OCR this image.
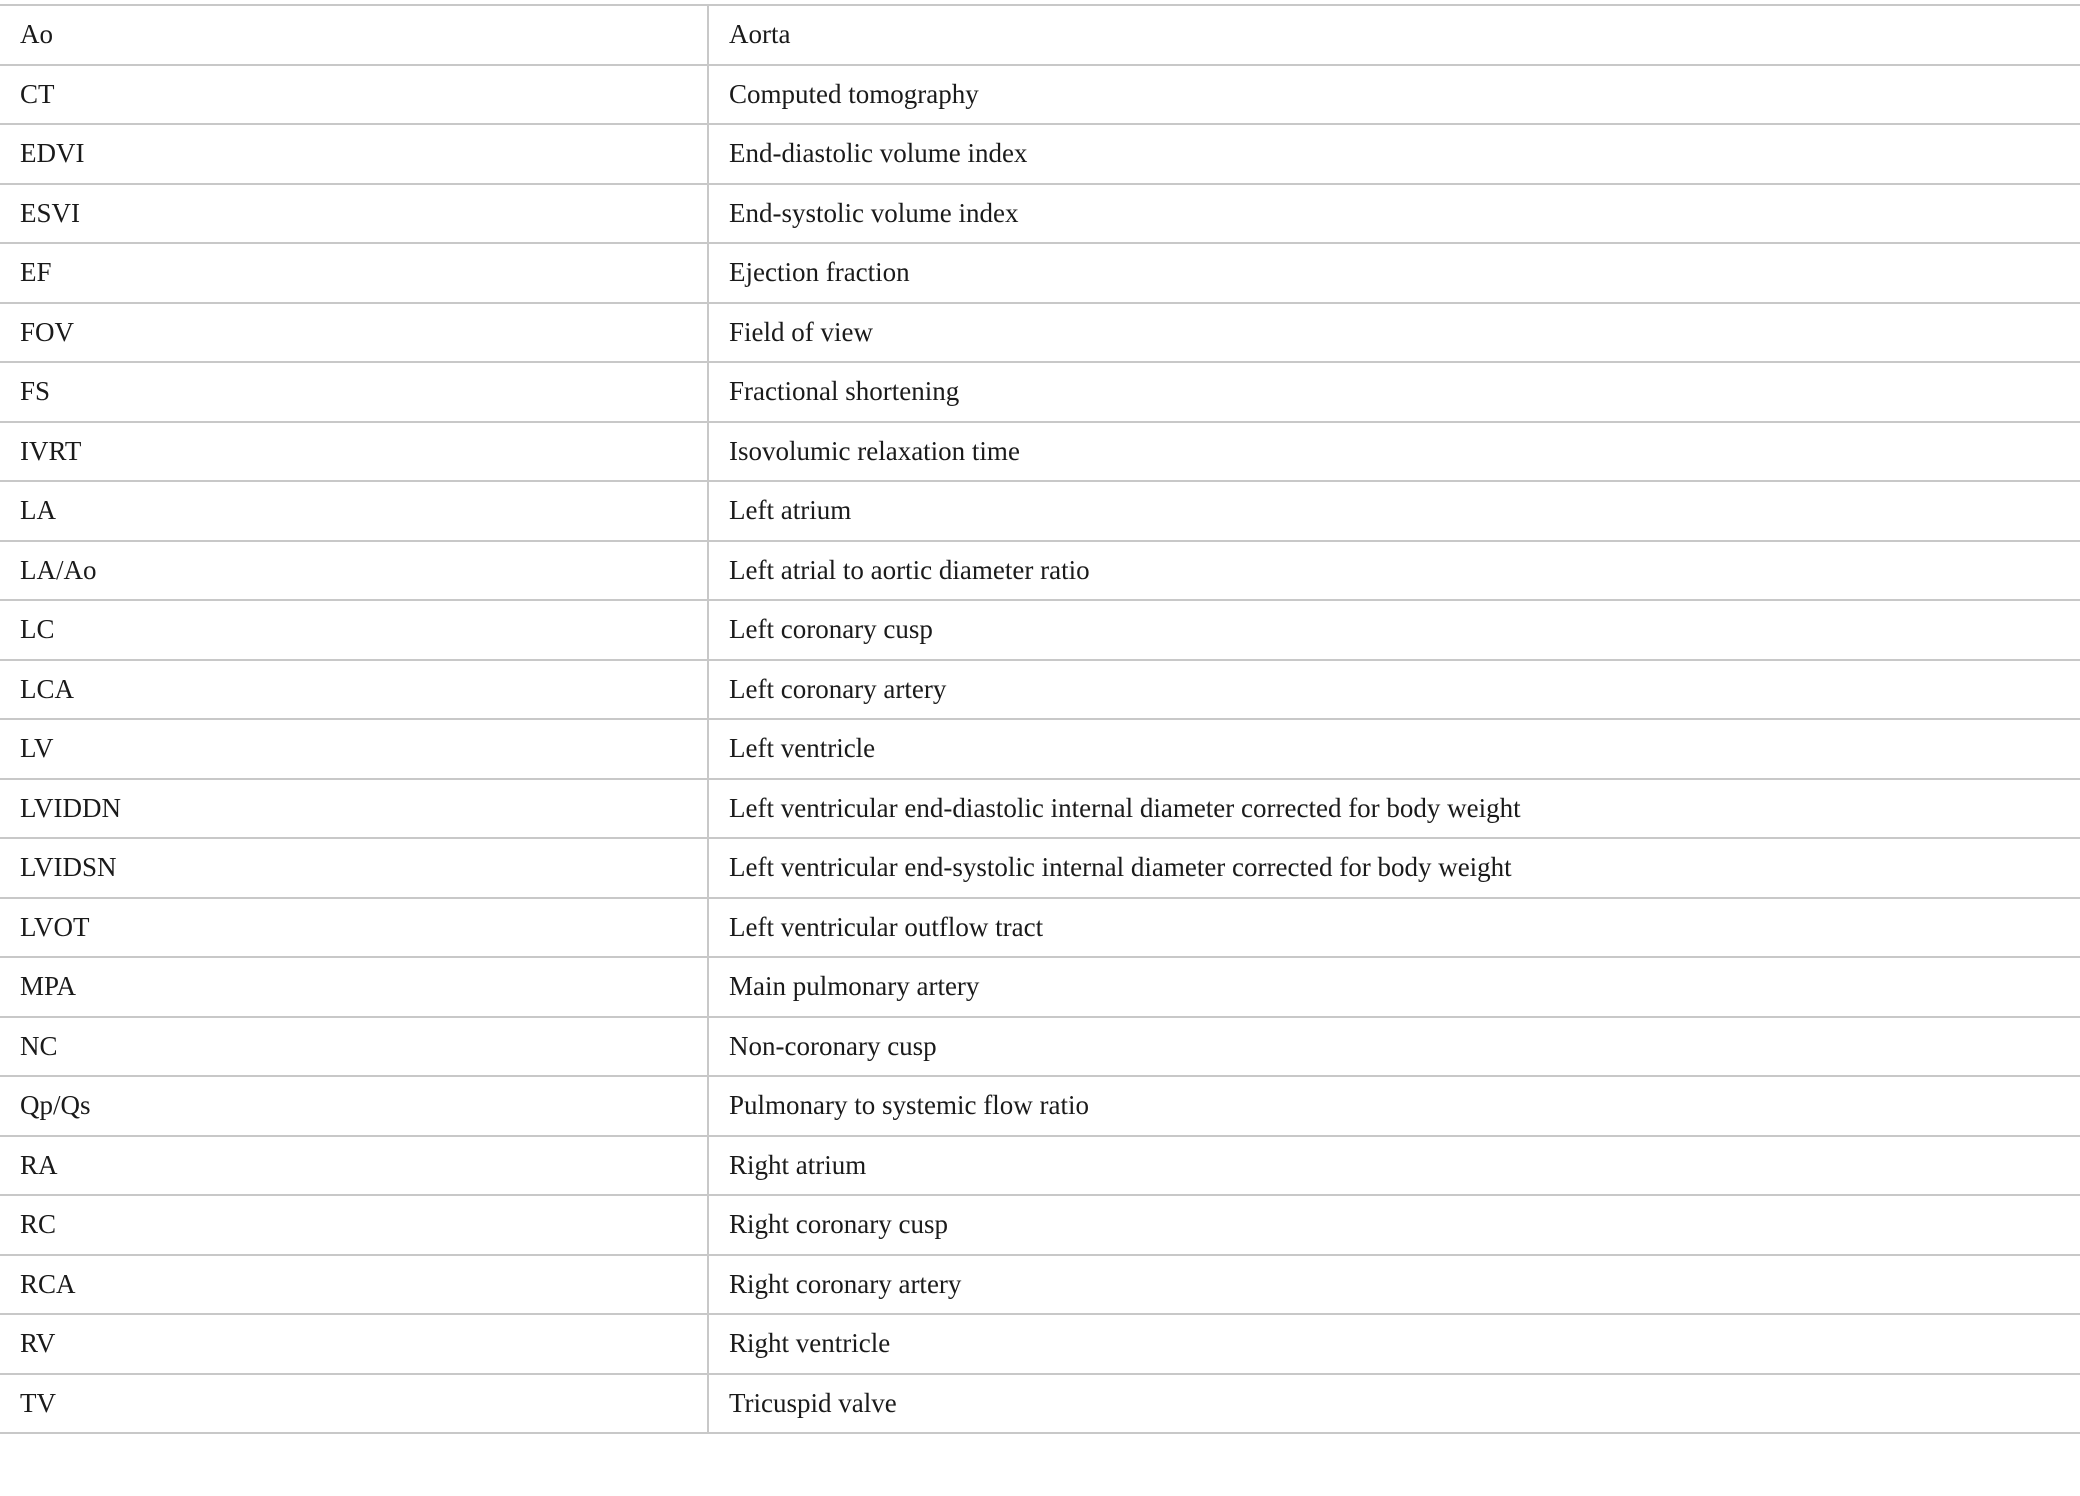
Ao	Aorta
CT	Computed tomography
EDVI	End-diastolic volume index
ESVI	End-systolic volume index
EF	Ejection fraction
FOV	Field of view
FS	Fractional shortening
IVRT	Isovolumic relaxation time
LA	Left atrium
LA/Ao	Left atrial to aortic diameter ratio
LC	Left coronary cusp
LCA	Left coronary artery
LV	Left ventricle
LVIDDN	Left ventricular end-diastolic internal diameter corrected for body weight
LVIDSN	Left ventricular end-systolic internal diameter corrected for body weight
LVOT	Left ventricular outflow tract
MPA	Main pulmonary artery
NC	Non-coronary cusp
Qp/Qs	Pulmonary to systemic flow ratio
RA	Right atrium
RC	Right coronary cusp
RCA	Right coronary artery
RV	Right ventricle
TV	Tricuspid valve
